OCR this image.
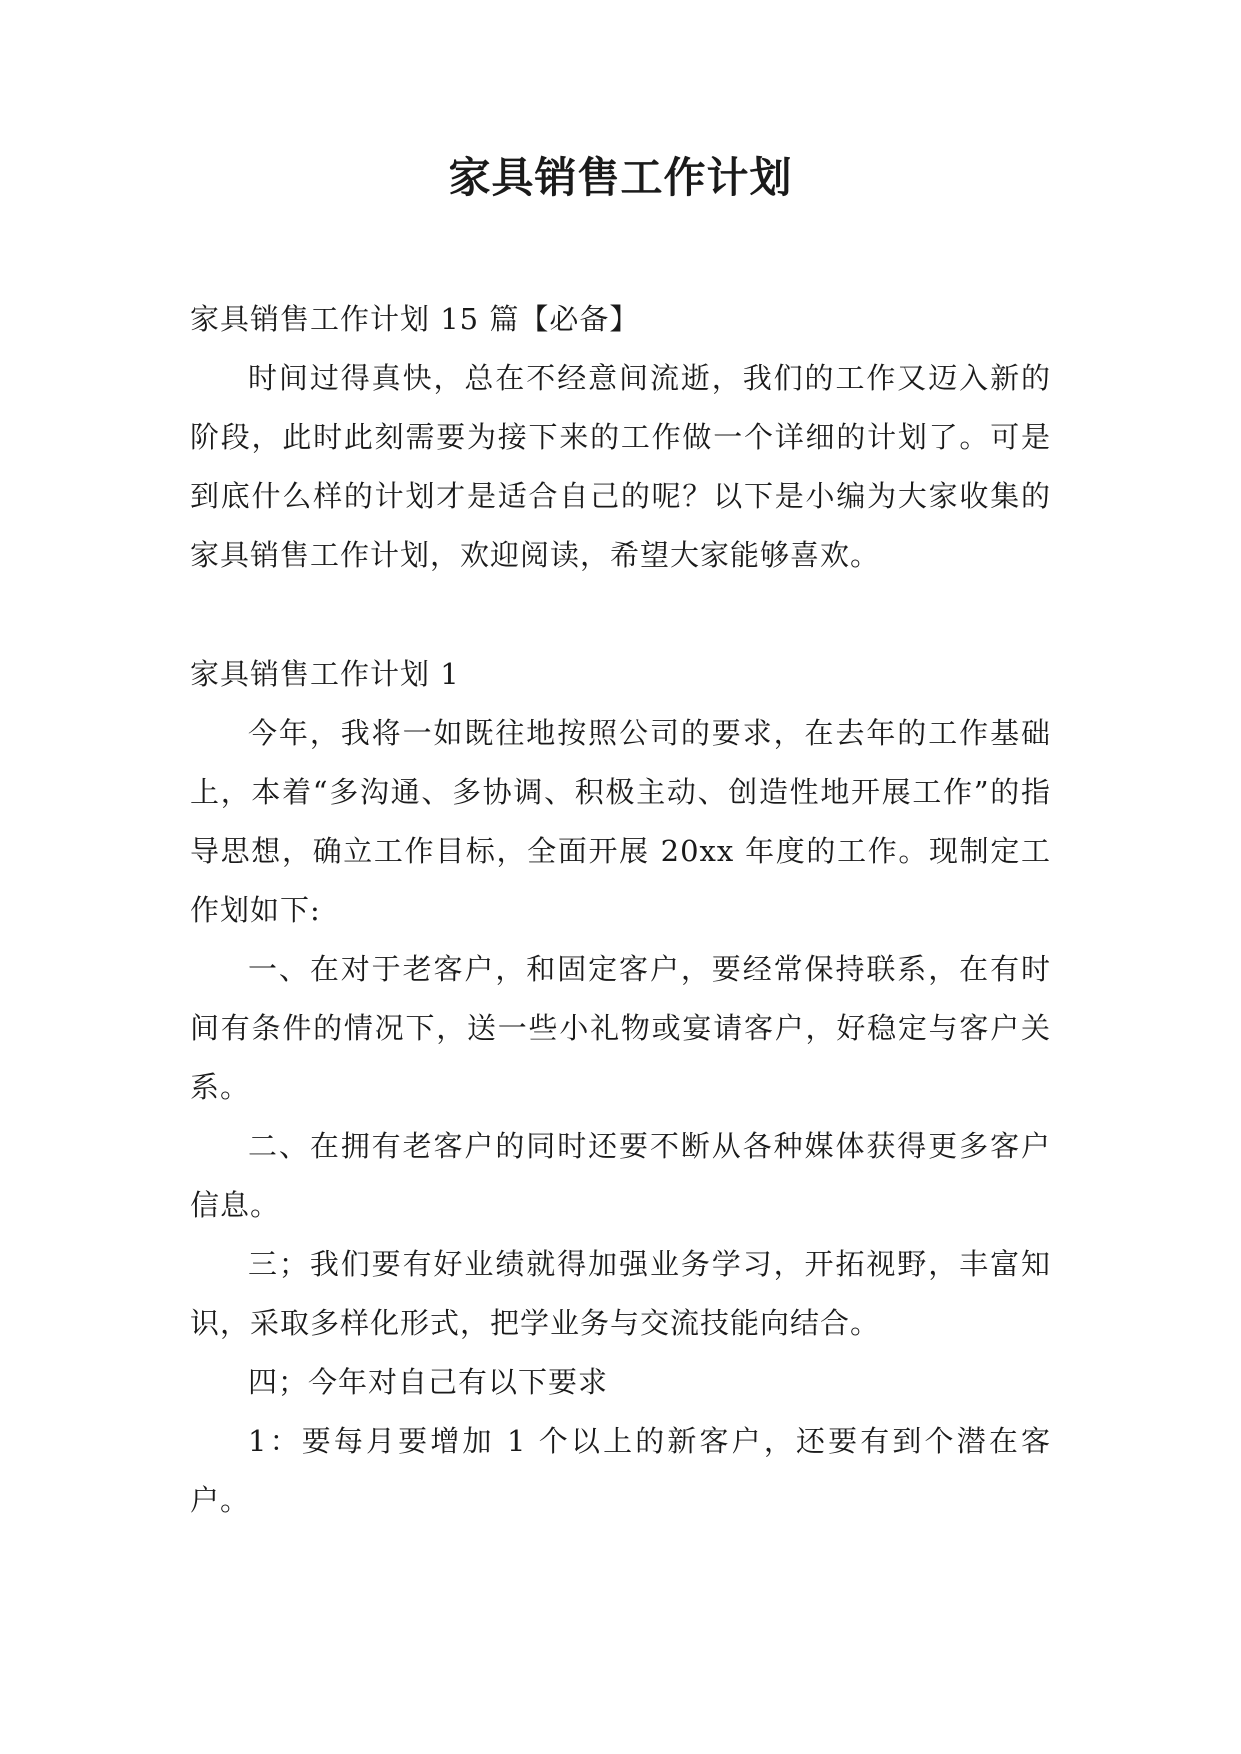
家具销售工作计划

家具销售工作计划 15 篇【必备】

时间过得真快，总在不经意间流逝，我们的工作又迈入新的阶段，此时此刻需要为接下来的工作做一个详细的计划了。可是到底什么样的计划才是适合自己的呢？以下是小编为大家收集的家具销售工作计划，欢迎阅读，希望大家能够喜欢。

家具销售工作计划 1

今年，我将一如既往地按照公司的要求，在去年的工作基础上，本着“多沟通、多协调、积极主动、创造性地开展工作”的指导思想，确立工作目标，全面开展 20xx 年度的工作。现制定工作划如下:

一、在对于老客户，和固定客户，要经常保持联系，在有时间有条件的情况下，送一些小礼物或宴请客户，好稳定与客户关系。

二、在拥有老客户的同时还要不断从各种媒体获得更多客户信息。

三；我们要有好业绩就得加强业务学习，开拓视野，丰富知识，采取多样化形式，把学业务与交流技能向结合。

四；今年对自己有以下要求

1：要每月要增加 1 个以上的新客户，还要有到个潜在客户。
